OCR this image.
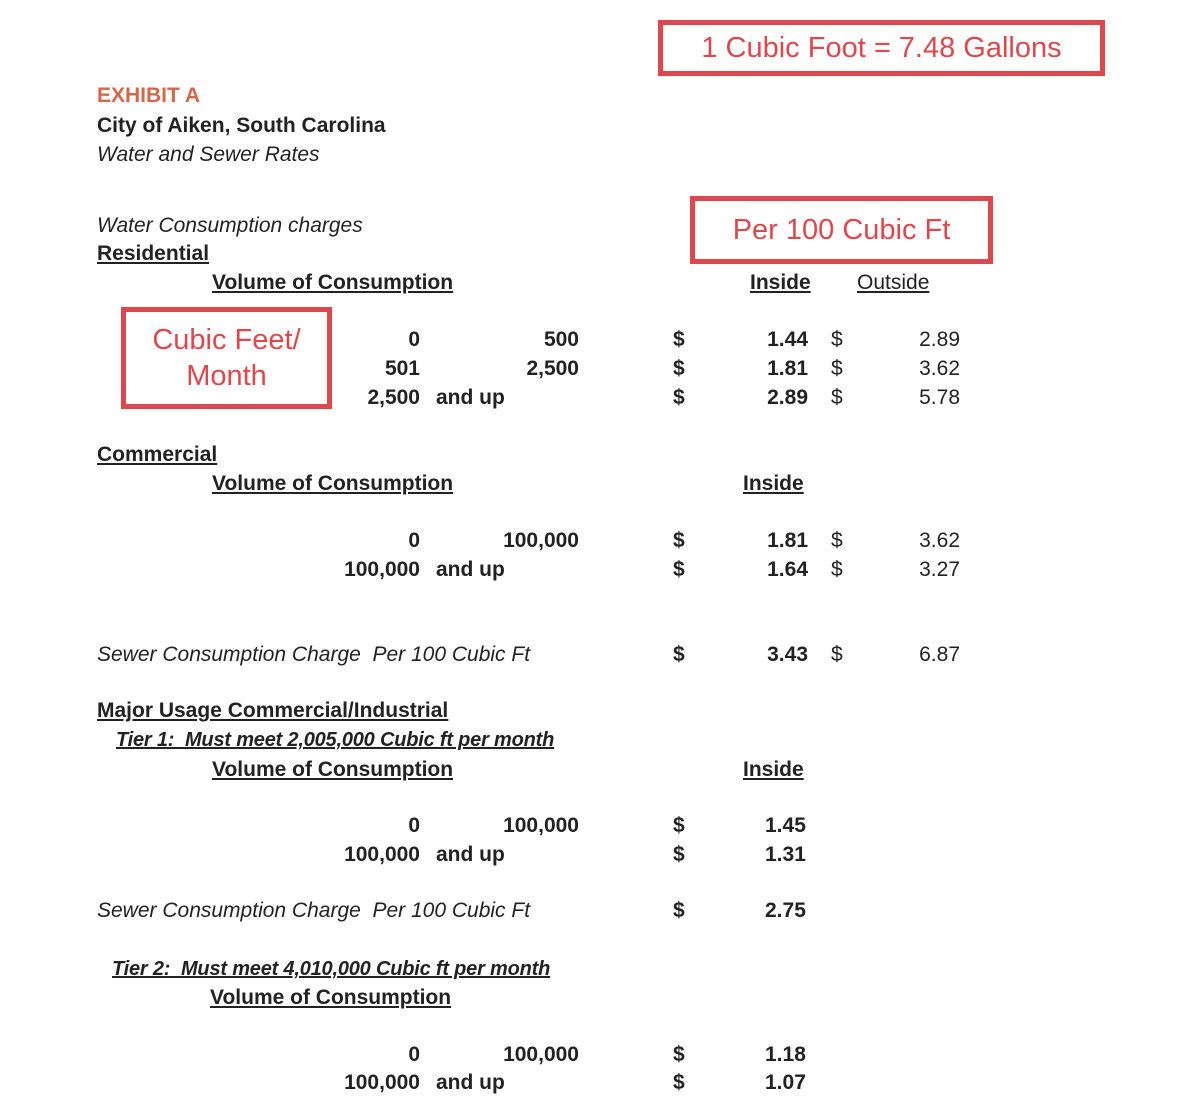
1 Cubic Foot = 7.48 Gallons
Per 100 Cubic Ft
Cubic Feet/
Month
EXHIBIT A
City of Aiken, South Carolina
Water and Sewer Rates
Water Consumption charges
Residential
Volume of Consumption	Inside Outside
0	500	$	1.44 $	2.89
501	2,500	$	1.81 $	3.62
2,500 and up	$	2.89 $	5.78
Commercial
Volume of Consumption	Inside
0	100,000	$	1.81 $	3.62
100,000 and up	$	1.64 $	3.27
Sewer Consumption Charge  Per 100 Cubic Ft	$	3.43 $	6.87
Major Usage Commercial/Industrial
Tier 1:  Must meet 2,005,000 Cubic ft per month
Volume of Consumption	Inside
0	100,000	$	1.45
100,000 and up	$	1.31
Sewer Consumption Charge  Per 100 Cubic Ft	$	2.75
Tier 2:  Must meet 4,010,000 Cubic ft per month
Volume of Consumption
0	100,000	$	1.18
100,000 and up	$	1.07
